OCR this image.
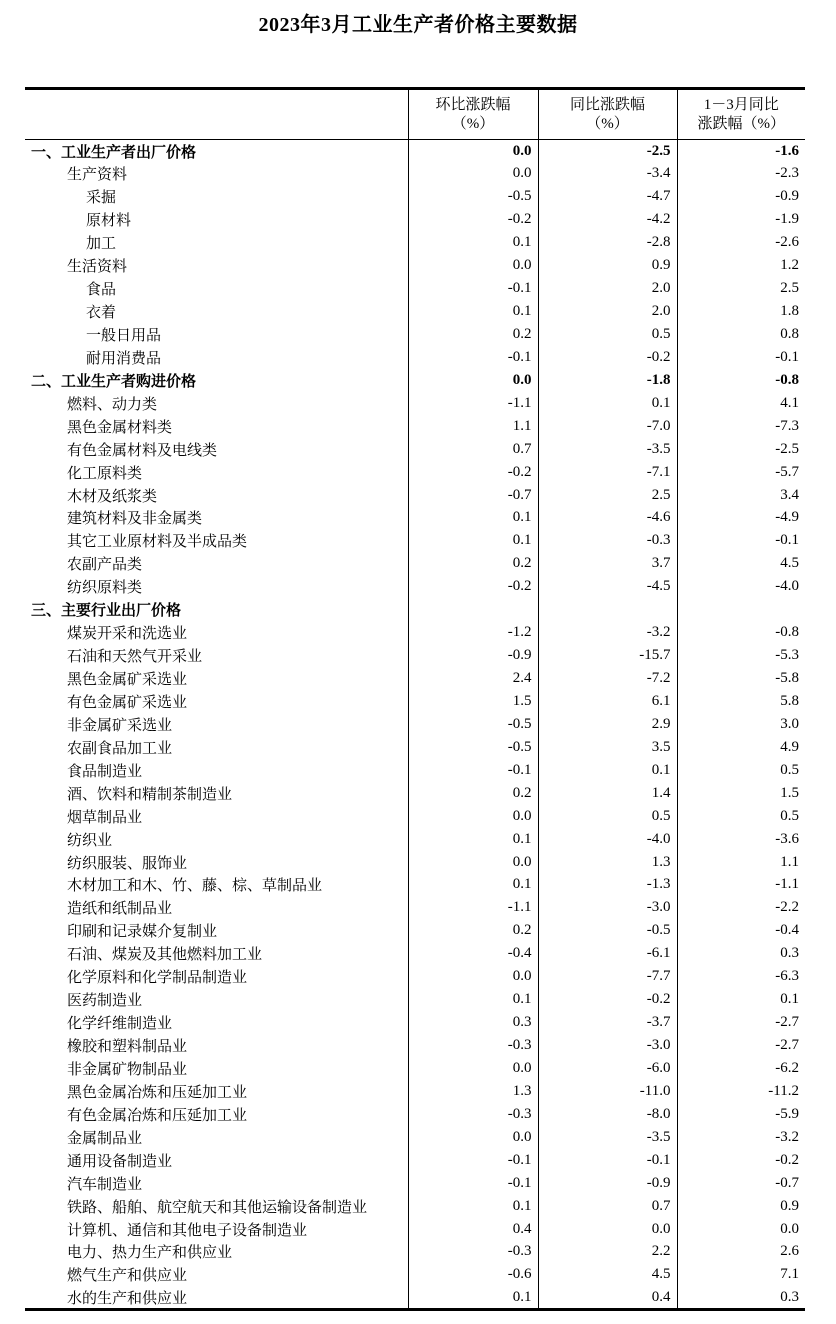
2023年3月工业生产者价格主要数据

环比涨跌幅
（%）

同比涨跌幅
（%）

1－3月同比
涨跌幅（%）

一、工业生产者出厂价格	0.0	-2.5	-1.6
生产资料	0.0	-3.4	-2.3
采掘	-0.5	-4.7	-0.9
原材料	-0.2	-4.2	-1.9
加工	0.1	-2.8	-2.6
生活资料	0.0	0.9	1.2
食品	-0.1	2.0	2.5
衣着	0.1	2.0	1.8
一般日用品	0.2	0.5	0.8
耐用消费品	-0.1	-0.2	-0.1
二、工业生产者购进价格	0.0	-1.8	-0.8
燃料、动力类	-1.1	0.1	4.1
黑色金属材料类	1.1	-7.0	-7.3
有色金属材料及电线类	0.7	-3.5	-2.5
化工原料类	-0.2	-7.1	-5.7
木材及纸浆类	-0.7	2.5	3.4
建筑材料及非金属类	0.1	-4.6	-4.9
其它工业原材料及半成品类	0.1	-0.3	-0.1
农副产品类	0.2	3.7	4.5
纺织原料类	-0.2	-4.5	-4.0
三、主要行业出厂价格			
煤炭开采和洗选业	-1.2	-3.2	-0.8
石油和天然气开采业	-0.9	-15.7	-5.3
黑色金属矿采选业	2.4	-7.2	-5.8
有色金属矿采选业	1.5	6.1	5.8
非金属矿采选业	-0.5	2.9	3.0
农副食品加工业	-0.5	3.5	4.9
食品制造业	-0.1	0.1	0.5
酒、饮料和精制茶制造业	0.2	1.4	1.5
烟草制品业	0.0	0.5	0.5
纺织业	0.1	-4.0	-3.6
纺织服装、服饰业	0.0	1.3	1.1
木材加工和木、竹、藤、棕、草制品业	0.1	-1.3	-1.1
造纸和纸制品业	-1.1	-3.0	-2.2
印刷和记录媒介复制业	0.2	-0.5	-0.4
石油、煤炭及其他燃料加工业	-0.4	-6.1	0.3
化学原料和化学制品制造业	0.0	-7.7	-6.3
医药制造业	0.1	-0.2	0.1
化学纤维制造业	0.3	-3.7	-2.7
橡胶和塑料制品业	-0.3	-3.0	-2.7
非金属矿物制品业	0.0	-6.0	-6.2
黑色金属冶炼和压延加工业	1.3	-11.0	-11.2
有色金属冶炼和压延加工业	-0.3	-8.0	-5.9
金属制品业	0.0	-3.5	-3.2
通用设备制造业	-0.1	-0.1	-0.2
汽车制造业	-0.1	-0.9	-0.7
铁路、船舶、航空航天和其他运输设备制造业	0.1	0.7	0.9
计算机、通信和其他电子设备制造业	0.4	0.0	0.0
电力、热力生产和供应业	-0.3	2.2	2.6
燃气生产和供应业	-0.6	4.5	7.1
水的生产和供应业	0.1	0.4	0.3
